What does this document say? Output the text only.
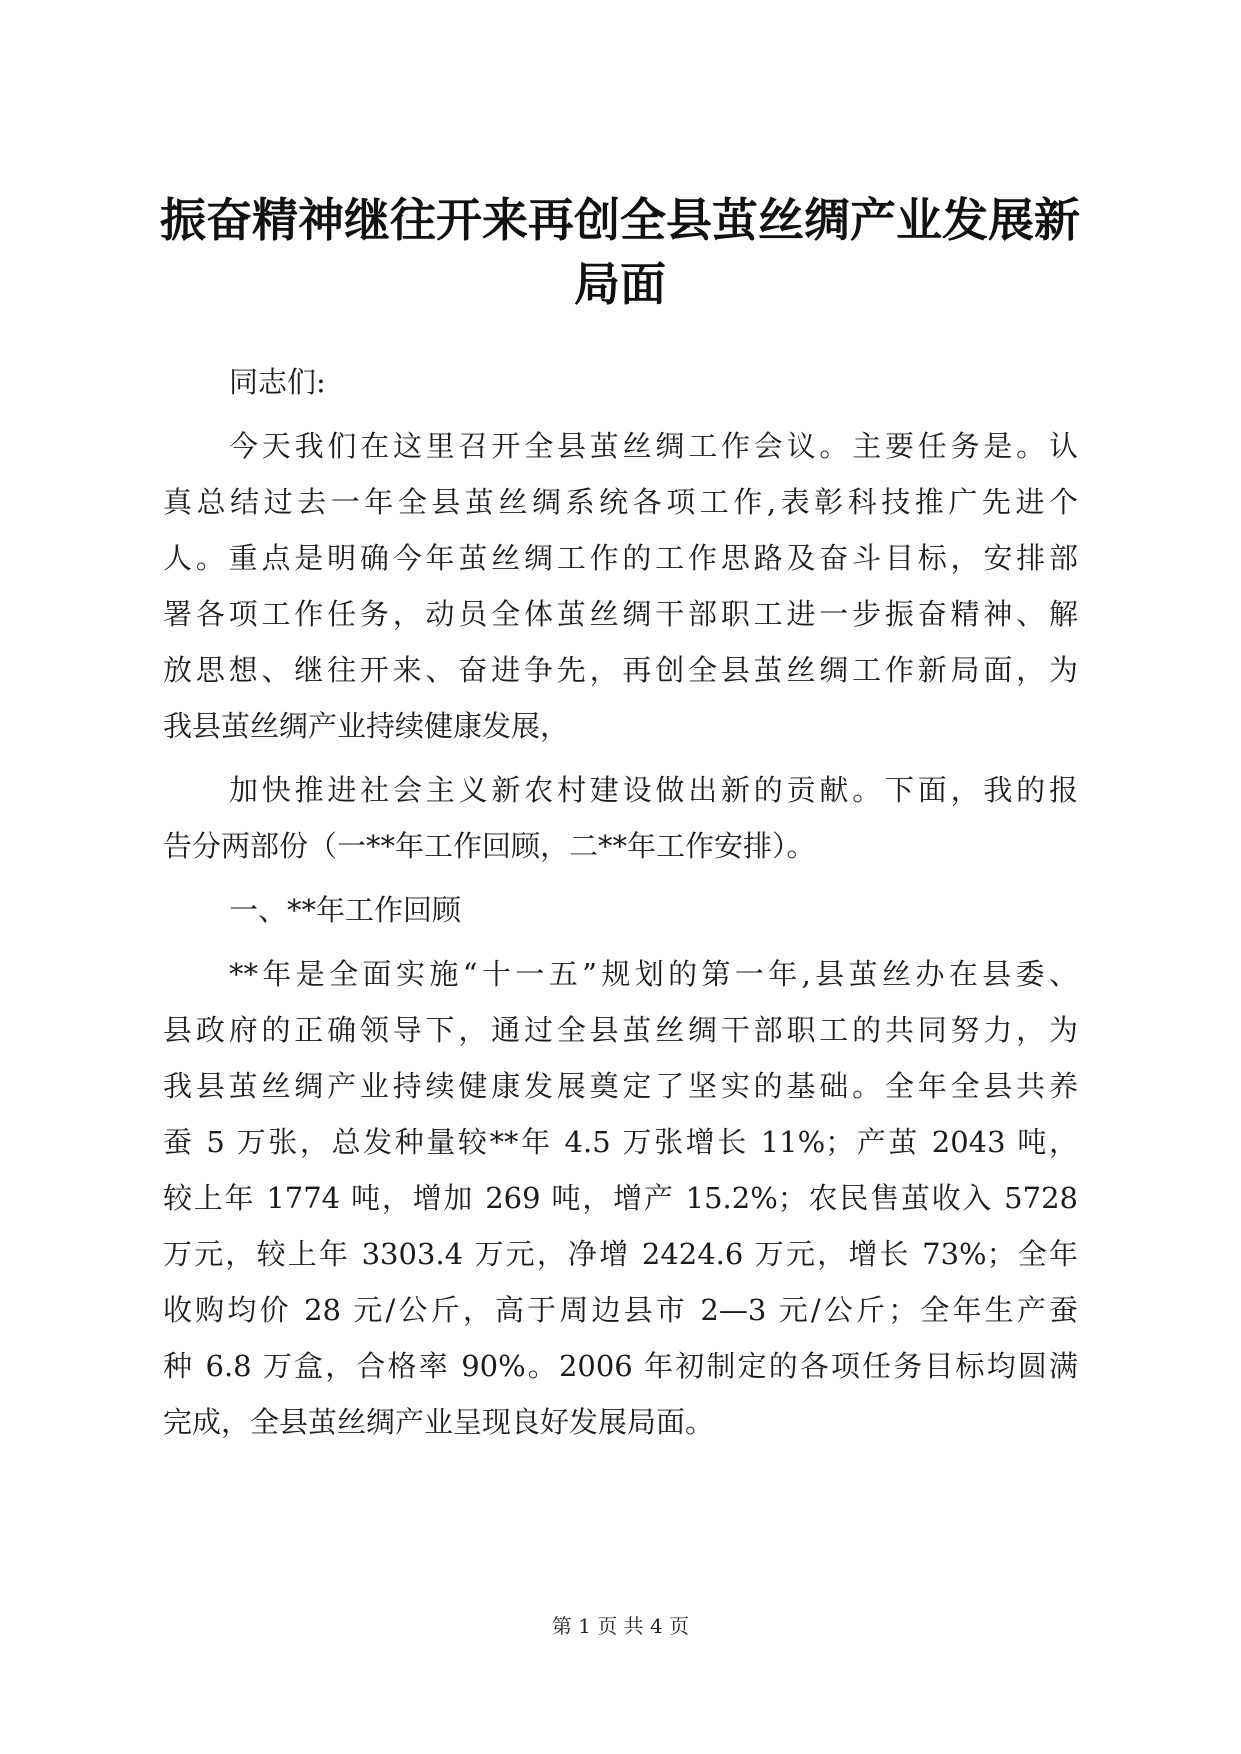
振奋精神继往开来再创全县茧丝绸产业发展新
局面
同志们:
今天我们在这里召开全县茧丝绸工作会议。主要任务是。认
真总结过去一年全县茧丝绸系统各项工作,表彰科技推广先进个
人。重点是明确今年茧丝绸工作的工作思路及奋斗目标，安排部
署各项工作任务，动员全体茧丝绸干部职工进一步振奋精神、解
放思想、继往开来、奋进争先，再创全县茧丝绸工作新局面，为
我县茧丝绸产业持续健康发展，
加快推进社会主义新农村建设做出新的贡献。下面，我的报
告分两部份（一**年工作回顾，二**年工作安排）。
一、**年工作回顾
**年是全面实施“十一五”规划的第一年,县茧丝办在县委、
县政府的正确领导下，通过全县茧丝绸干部职工的共同努力，为
我县茧丝绸产业持续健康发展奠定了坚实的基础。全年全县共养
蚕 5 万张，总发种量较**年 4.5 万张增长 11%；产茧 2043 吨，
较上年 1774 吨，增加 269 吨，增产 15.2%；农民售茧收入 5728
万元，较上年 3303.4 万元，净增 2424.6 万元，增长 73%；全年
收购均价 28 元/公斤，高于周边县市 2—3 元/公斤；全年生产蚕
种 6.8 万盒，合格率 90%。2006 年初制定的各项任务目标均圆满
完成，全县茧丝绸产业呈现良好发展局面。
第 1 页 共 4 页
